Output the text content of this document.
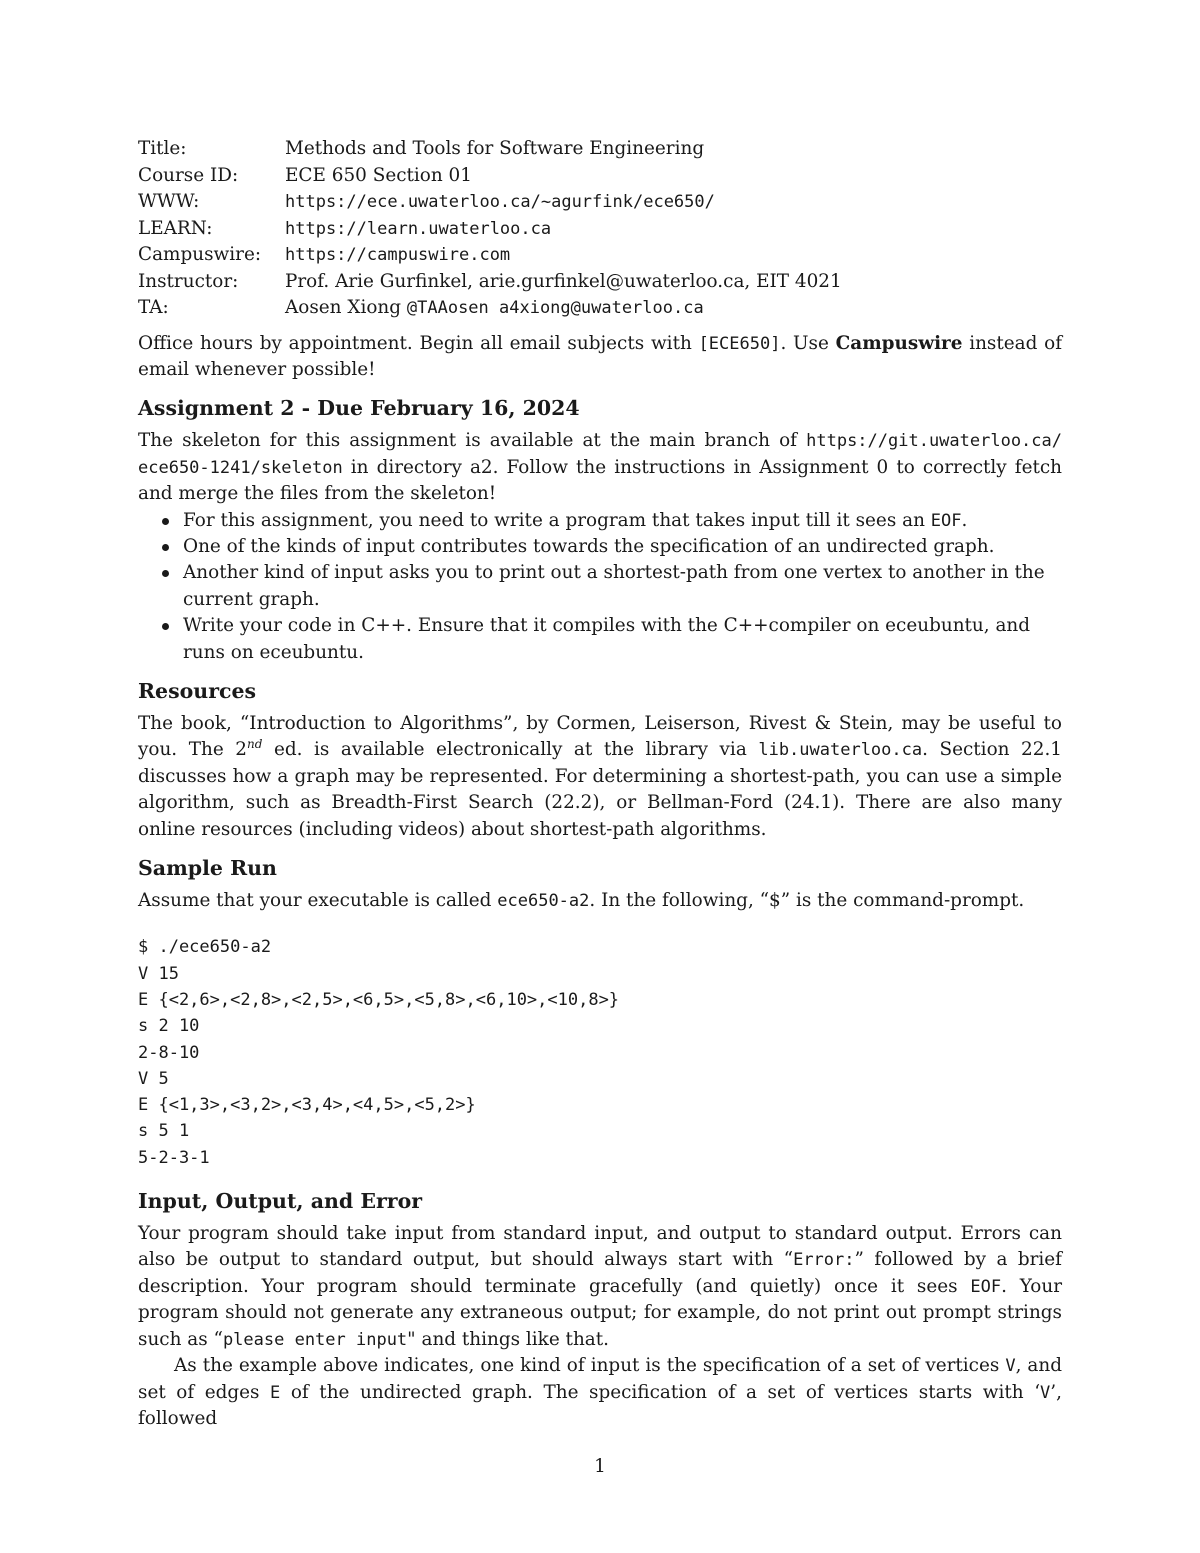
Title:	Methods and Tools for Software Engineering
Course ID:	ECE 650 Section 01
WWW:	https://ece.uwaterloo.ca/~agurfink/ece650/
LEARN:	https://learn.uwaterloo.ca
Campuswire:	https://campuswire.com
Instructor:	Prof. Arie Gurfinkel, arie.gurfinkel@uwaterloo.ca, EIT 4021
TA:	Aosen Xiong @TAAosen a4xiong@uwaterloo.ca

Office hours by appointment. Begin all email subjects with [ECE650]. Use Campuswire instead of email whenever possible!

Assignment 2 - Due February 16, 2024

The skeleton for this assignment is available at the main branch of https://git.uwaterloo.ca/ ece650-1241/skeleton in directory a2. Follow the instructions in Assignment 0 to correctly fetch and merge the files from the skeleton!

For this assignment, you need to write a program that takes input till it sees an EOF.
One of the kinds of input contributes towards the specification of an undirected graph.
Another kind of input asks you to print out a shortest-path from one vertex to another in the current graph.
Write your code in C++. Ensure that it compiles with the C++compiler on eceubuntu, and runs on eceubuntu.
Resources

The book, “Introduction to Algorithms”, by Cormen, Leiserson, Rivest & Stein, may be useful to you. The 2nd ed. is available electronically at the library via lib.uwaterloo.ca. Section 22.1 discusses how a graph may be represented. For determining a shortest-path, you can use a simple algorithm, such as Breadth-First Search (22.2), or Bellman-Ford (24.1). There are also many online resources (including videos) about shortest-path algorithms.

Sample Run

Assume that your executable is called ece650-a2. In the following, “$” is the command-prompt.

$ ./ece650-a2
V 15
E {<2,6>,<2,8>,<2,5>,<6,5>,<5,8>,<6,10>,<10,8>}
s 2 10
2-8-10
V 5
E {<1,3>,<3,2>,<3,4>,<4,5>,<5,2>}
s 5 1
5-2-3-1
Input, Output, and Error

Your program should take input from standard input, and output to standard output. Errors can also be output to standard output, but should always start with “Error:” followed by a brief description. Your program should terminate gracefully (and quietly) once it sees EOF. Your program should not generate any extraneous output; for example, do not print out prompt strings such as “please enter input" and things like that.

As the example above indicates, one kind of input is the specification of a set of vertices V, and set of edges E of the undirected graph. The specification of a set of vertices starts with ‘V’, followed

1
